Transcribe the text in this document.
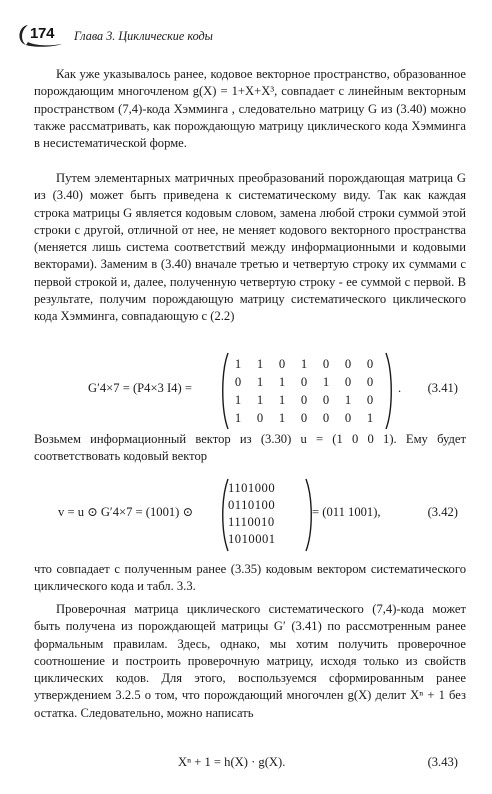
174 Глава 3. Циклические коды

Как уже указывалось ранее, кодовое векторное пространство, образованное порождающим многочленом g(X) = 1+X+X³, совпадает с линейным векторным пространством (7,4)-кода Хэмминга , следовательно матрицу G из (3.40) можно также рассматривать, как порождающую матрицу циклического кода Хэмминга в несистематической форме.

Путем элементарных матричных преобразований порождающая матрица G из (3.40) может быть приведена к систематическому виду. Так как каждая строка матрицы G является кодовым словом, замена любой строки суммой этой строки с другой, отличной от нее, не меняет кодового векторного пространства (меняется лишь система соответствий между информационными и кодовыми векторами). Заменим в (3.40) вначале третью и четвертую строку их суммами с первой строкой и, далее, полученную четвертую строку - ее суммой с первой. В результате, получим порождающую матрицу систематического циклического кода Хэмминга, совпадающую с (2.2)

G′4×7 = (P4×3 I4) =
1 1 0 1 0 0 0
0 1 1 0 1 0 0
1 1 1 0 0 1 0
1 0 1 0 0 0 1
. (3.41)

Возьмем информационный вектор из (3.30) u = (1 0 0 1). Ему будет соответствовать кодовый вектор

v = u ⊙ G′4×7 = (1001) ⊙
1101000
0110100
1110010
1010001
= (011 1001),	(3.42)

что совпадает с полученным ранее (3.35) кодовым вектором систематического циклического кода и табл. 3.3.

Проверочная матрица циклического систематического (7,4)-кода может быть получена из порождающей матрицы G′ (3.41) по рассмотренным ранее формальным правилам. Здесь, однако, мы хотим получить проверочное соотношение и построить проверочную матрицу, исходя только из свойств циклических кодов. Для этого, воспользуемся сформированным ранее утверждением 3.2.5 о том, что порождающий многочлен g(X) делит Xⁿ + 1 без остатка. Следовательно, можно написать

Xⁿ + 1 = h(X) · g(X).	(3.43)
